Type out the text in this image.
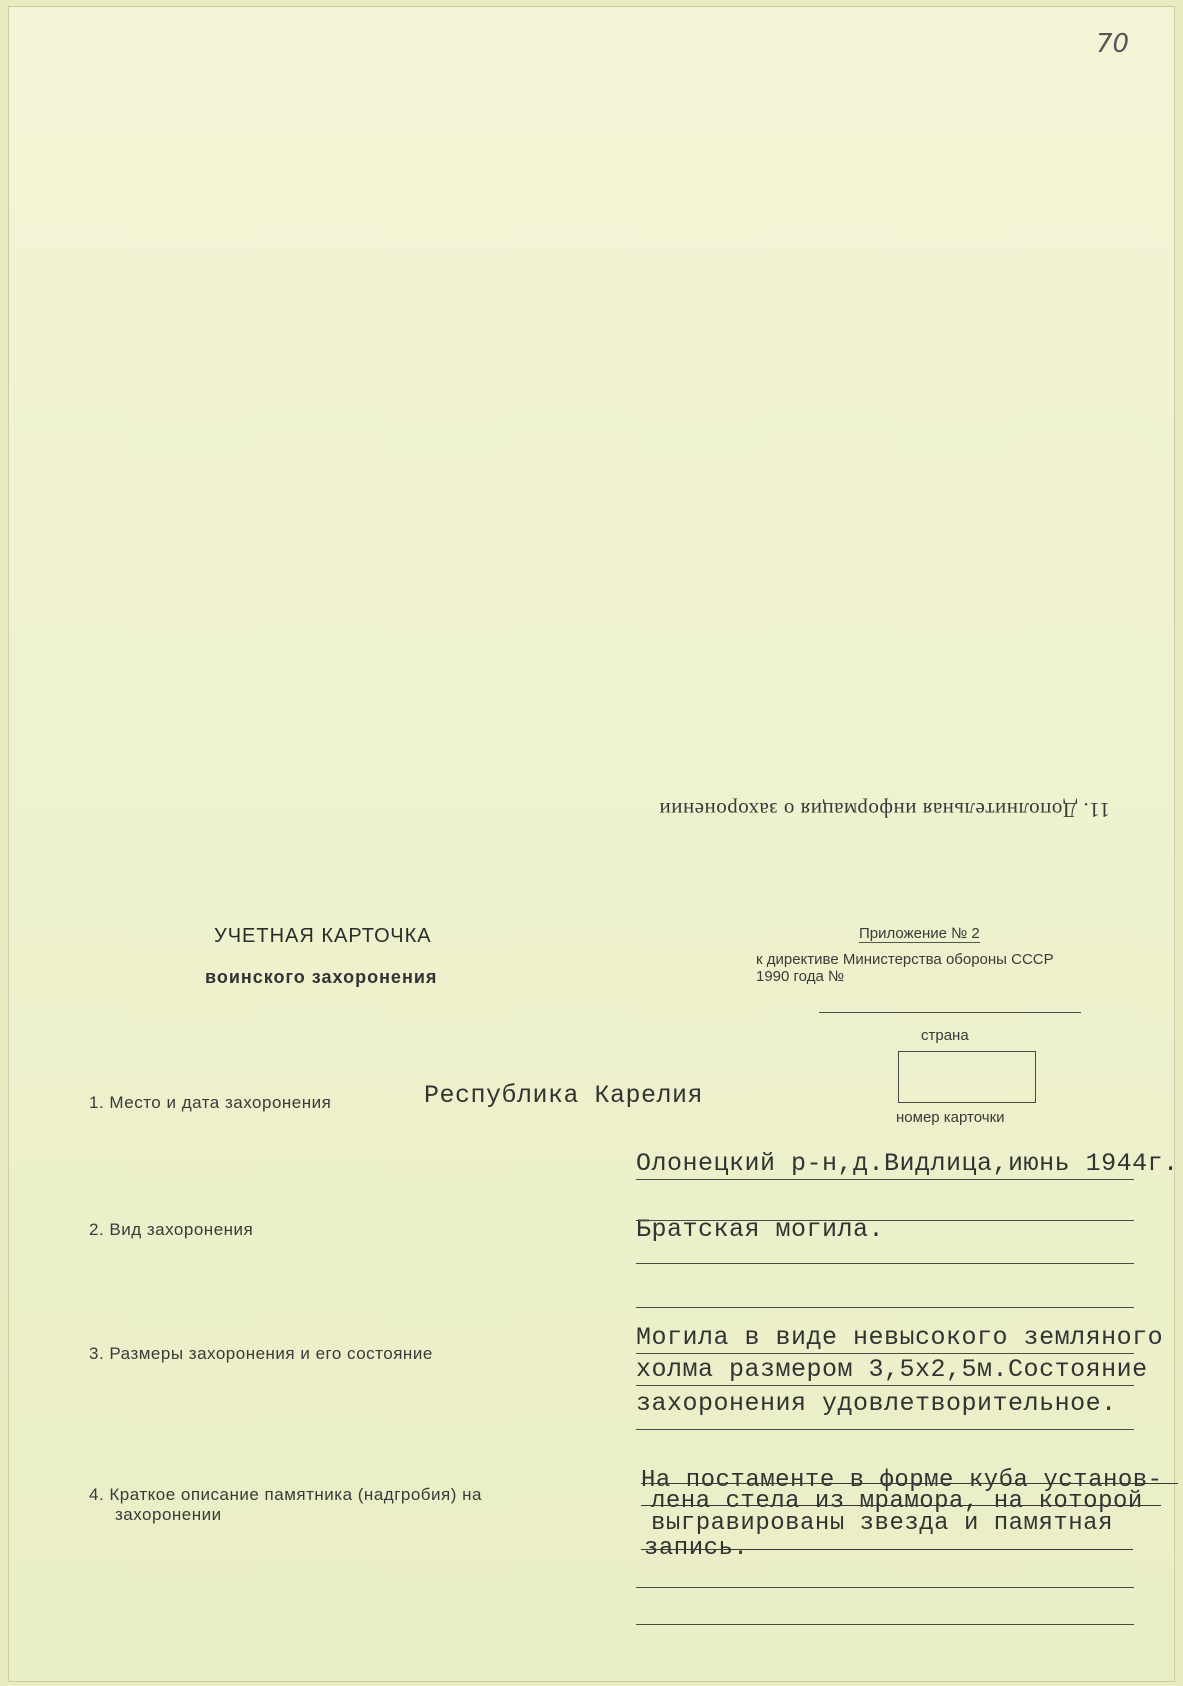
70
11. Дополнительная информация о захоронении
УЧЕТНАЯ КАРТОЧКА
воинского захоронения
Приложение № 2
к директиве Министерства обороны СССР
1990 года №
страна
номер карточки
1. Место и дата захоронения	Республика Карелия
Олонецкий р-н,д.Видлица,июнь 1944г.
2. Вид захоронения	Братская могила.
3. Размеры захоронения и его состояние
Могила в виде невысокого земляного
холма размером 3,5х2,5м.Состояние
захоронения удовлетворительное.
4. Краткое описание памятника (надгробия) на
захоронении
На постаменте в форме куба установ-
лена стела из мрамора, на которой
выгравированы звезда и памятная
запись.
